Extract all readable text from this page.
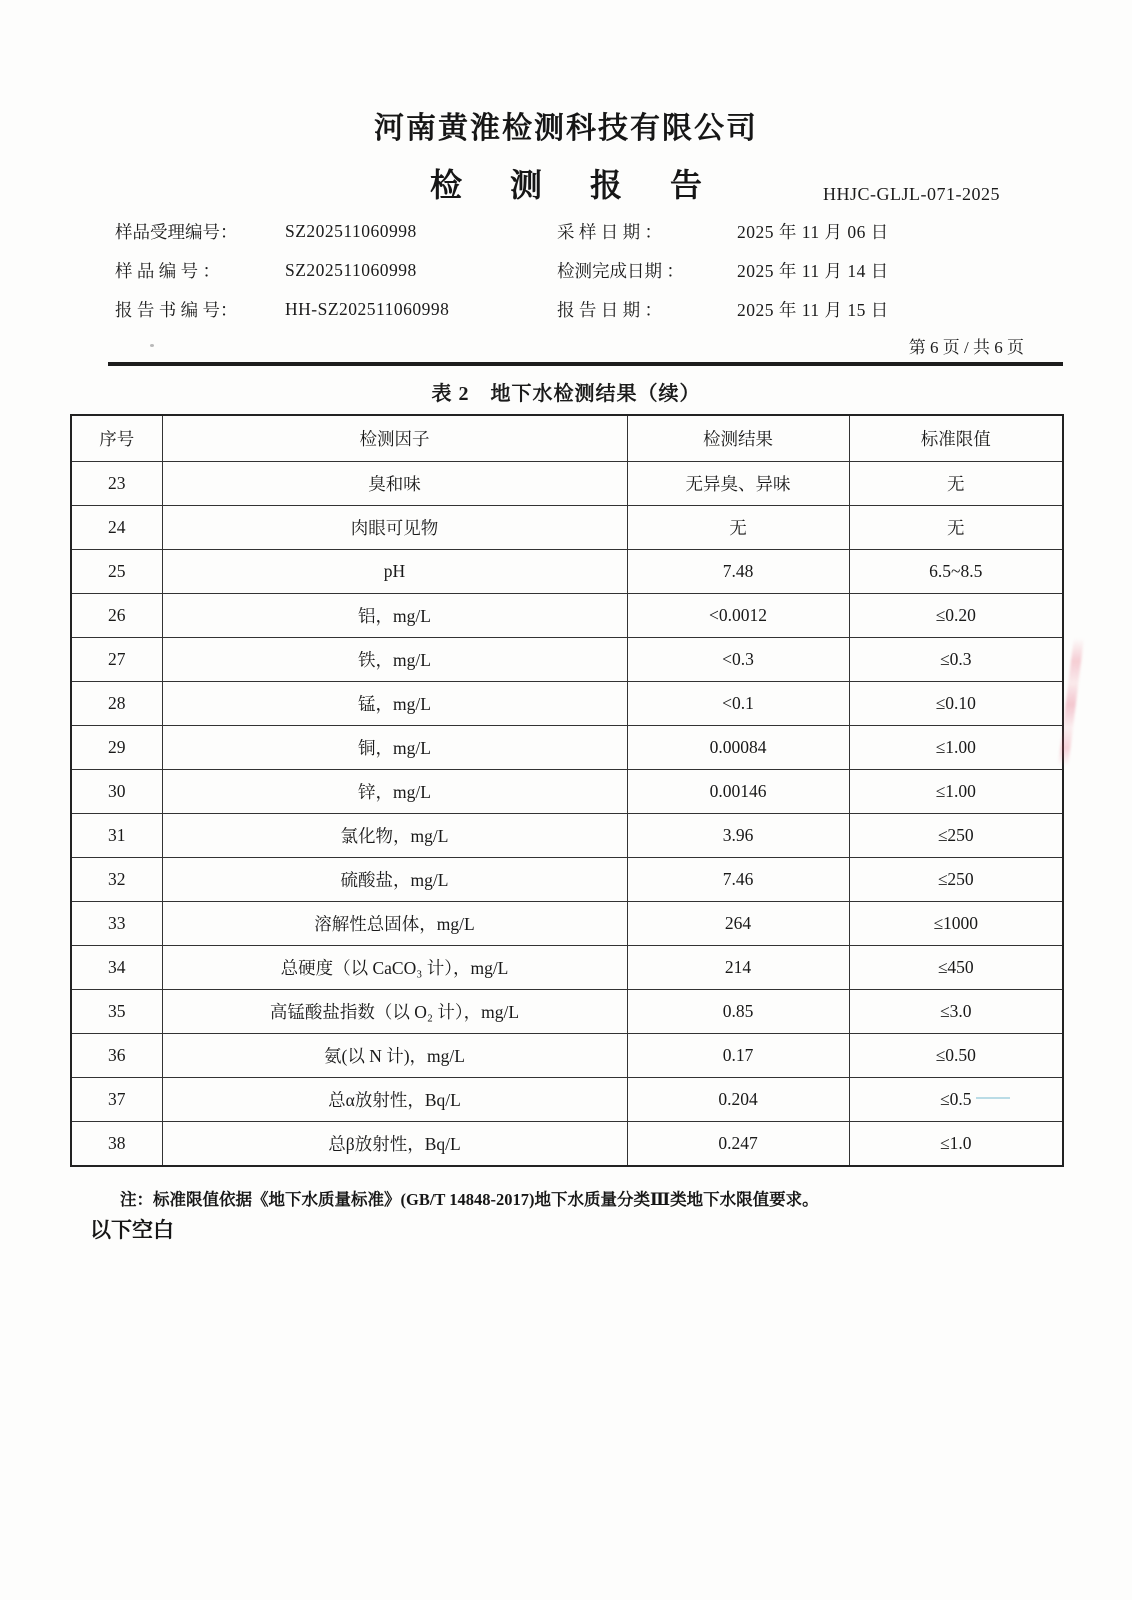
河南黄淮检测科技有限公司
检 测 报 告	HHJC-GLJL-071-2025
样品受理编号：	SZ202511060998	采 样 日 期 ：	2025 年 11 月 06 日
样 品 编 号 ：	SZ202511060998	检测完成日期 ：	2025 年 11 月 14 日
报 告 书 编 号：	HH-SZ202511060998	报 告 日 期 ：	2025 年 11 月 15 日
第 6 页 / 共 6 页
表 2　地下水检测结果（续）
序号	检测因子	检测结果	标准限值
23	臭和味	无异臭、异味	无
24	肉眼可见物	无	无
25	pH	7.48	6.5~8.5
26	铝，mg/L	<0.0012	≤0.20
27	铁，mg/L	<0.3	≤0.3
28	锰，mg/L	<0.1	≤0.10
29	铜，mg/L	0.00084	≤1.00
30	锌，mg/L	0.00146	≤1.00
31	氯化物，mg/L	3.96	≤250
32	硫酸盐，mg/L	7.46	≤250
33	溶解性总固体，mg/L	264	≤1000
34	总硬度（以 CaCO₃ 计），mg/L	214	≤450
35	高锰酸盐指数（以 O₂ 计），mg/L	0.85	≤3.0
36	氨(以 N 计)，mg/L	0.17	≤0.50
37	总α放射性，Bq/L	0.204	≤0.5
38	总β放射性，Bq/L	0.247	≤1.0
注：标准限值依据《地下水质量标准》(GB/T 14848-2017)地下水质量分类Ⅲ类地下水限值要求。
以下空白
